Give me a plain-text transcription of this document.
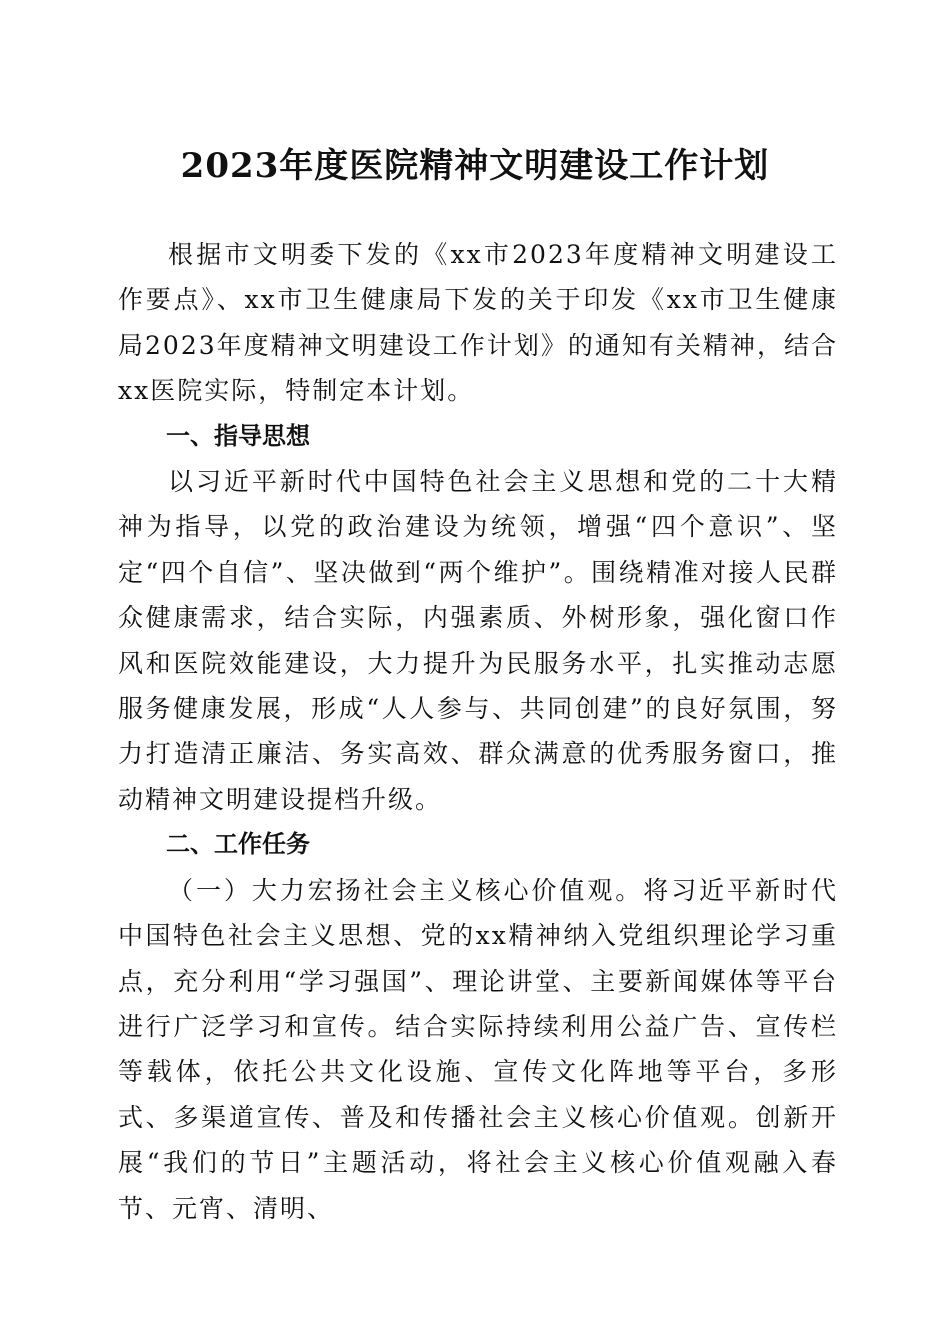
2023年度医院精神文明建设工作计划

根据市文明委下发的《xx市2023年度精神文明建设工作要点》、xx市卫生健康局下发的关于印发《xx市卫生健康局2023年度精神文明建设工作计划》的通知有关精神，结合xx医院实际，特制定本计划。

一、指导思想

以习近平新时代中国特色社会主义思想和党的二十大精神为指导，以党的政治建设为统领，增强“四个意识”、坚定“四个自信”、坚决做到“两个维护”。围绕精准对接人民群众健康需求，结合实际，内强素质、外树形象，强化窗口作风和医院效能建设，大力提升为民服务水平，扎实推动志愿服务健康发展，形成“人人参与、共同创建”的良好氛围，努力打造清正廉洁、务实高效、群众满意的优秀服务窗口，推动精神文明建设提档升级。

二、工作任务

（一）大力宏扬社会主义核心价值观。将习近平新时代中国特色社会主义思想、党的xx精神纳入党组织理论学习重点，充分利用“学习强国”、理论讲堂、主要新闻媒体等平台进行广泛学习和宣传。结合实际持续利用公益广告、宣传栏等载体，依托公共文化设施、宣传文化阵地等平台，多形式、多渠道宣传、普及和传播社会主义核心价值观。创新开展“我们的节日”主题活动，将社会主义核心价值观融入春节、元宵、清明、
